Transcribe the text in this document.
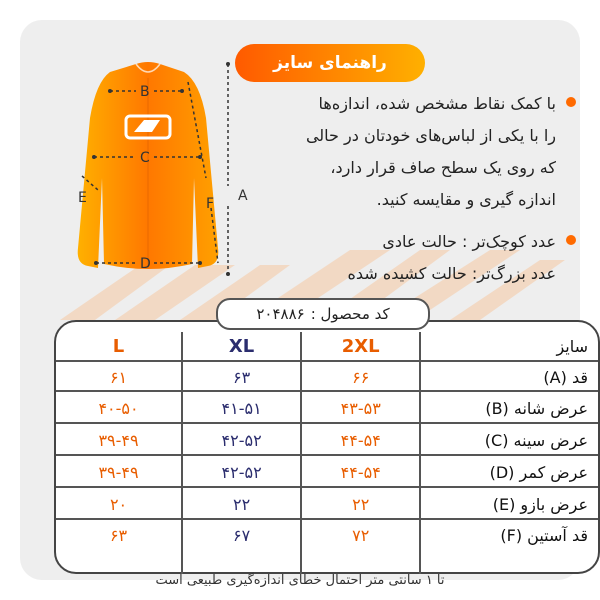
راهنمای سایز
B
C
D
E	F A

با کمک نقاط مشخص شده، اندازه‌ها

را با یکی از لباس‌های خودتان در حالی

که روی یک سطح صاف قرار دارد،

اندازه گیری و مقایسه کنید.

عدد کوچک‌تر : حالت عادی

عدد بزرگ‌تر: حالت کشیده شده

سایز
2XL
XL
L
قد (A)
۶۶
۶۳
۶۱
عرض شانه (B)
۴۳-۵۳
۴۱-۵۱
۴۰-۵۰
عرض سینه (C)
۴۴-۵۴
۴۲-۵۲
۳۹-۴۹
عرض کمر (D)
۴۴-۵۴
۴۲-۵۲
۳۹-۴۹
عرض بازو (E)
۲۲
۲۲
۲۰
قد آستین (F)
۷۲
۶۷
۶۳
کد محصول :
۲۰۴۸۸۶
تا ۱ سانتی متر احتمال خطای اندازه‌گیری طبیعی است
